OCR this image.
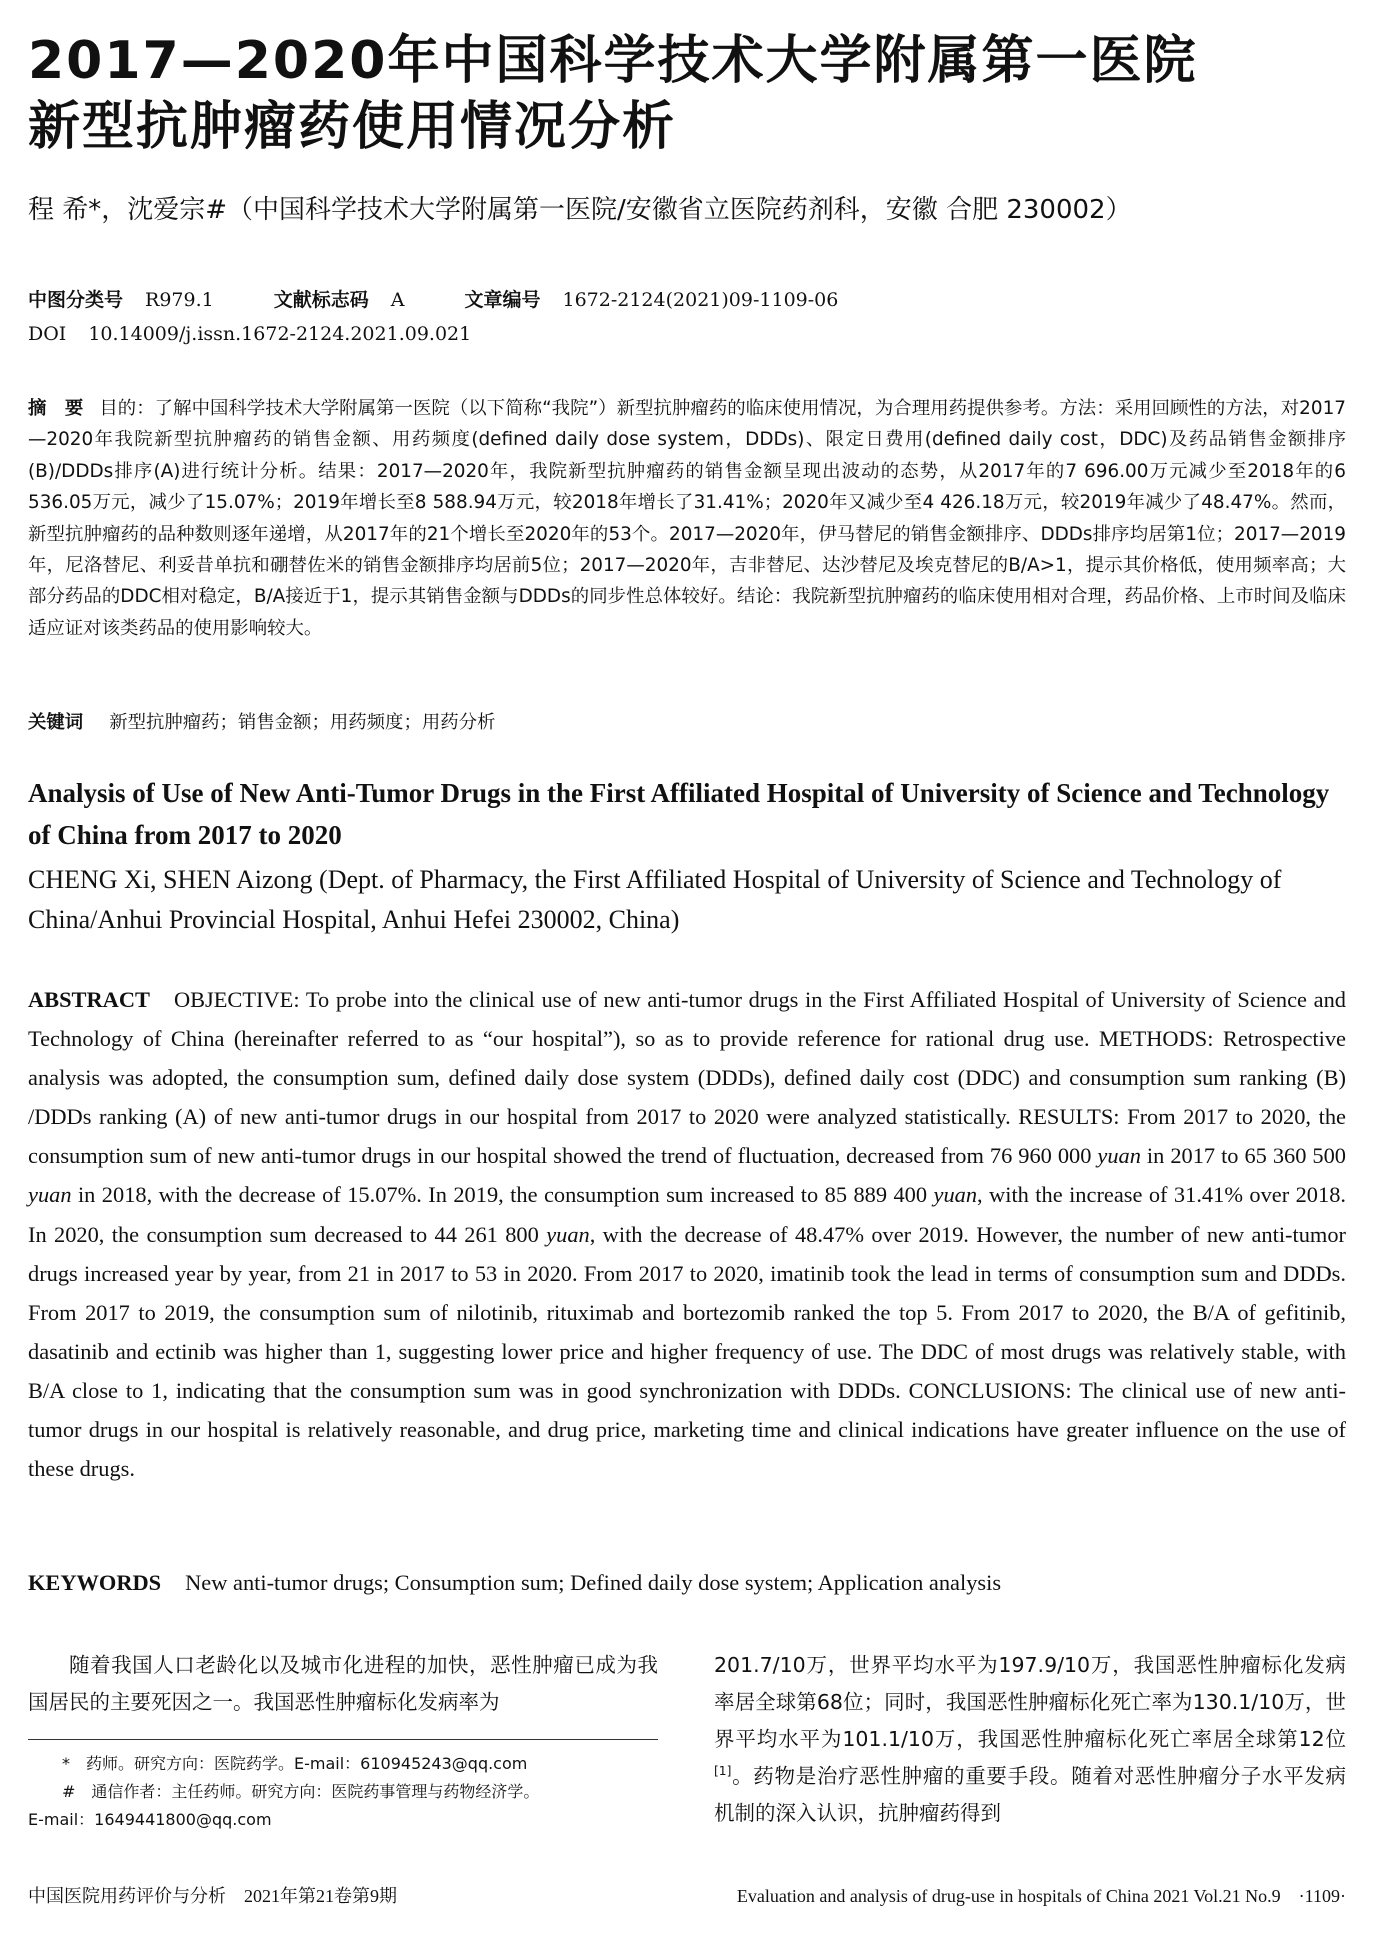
2017—2020年中国科学技术大学附属第一医院
新型抗肿瘤药使用情况分析
程 希*，沈爱宗#（中国科学技术大学附属第一医院/安徽省立医院药剂科，安徽 合肥 230002）
中图分类号 R979.1	文献标志码 A	文章编号 1672-2124(2021)09-1109-06
DOI 10.14009/j.issn.1672-2124.2021.09.021
摘　要 目的：了解中国科学技术大学附属第一医院（以下简称“我院”）新型抗肿瘤药的临床使用情况，为合理用药提供参考。方法：采用回顾性的方法，对2017—2020年我院新型抗肿瘤药的销售金额、用药频度(defined daily dose system，DDDs)、限定日费用(defined daily cost，DDC)及药品销售金额排序(B)/DDDs排序(A)进行统计分析。结果：2017—2020年，我院新型抗肿瘤药的销售金额呈现出波动的态势，从2017年的7 696.00万元减少至2018年的6 536.05万元，减少了15.07%；2019年增长至8 588.94万元，较2018年增长了31.41%；2020年又减少至4 426.18万元，较2019年减少了48.47%。然而，新型抗肿瘤药的品种数则逐年递增，从2017年的21个增长至2020年的53个。2017—2020年，伊马替尼的销售金额排序、DDDs排序均居第1位；2017—2019年，尼洛替尼、利妥昔单抗和硼替佐米的销售金额排序均居前5位；2017—2020年，吉非替尼、达沙替尼及埃克替尼的B/A>1，提示其价格低，使用频率高；大部分药品的DDC相对稳定，B/A接近于1，提示其销售金额与DDDs的同步性总体较好。结论：我院新型抗肿瘤药的临床使用相对合理，药品价格、上市时间及临床适应证对该类药品的使用影响较大。
关键词 新型抗肿瘤药；销售金额；用药频度；用药分析
Analysis of Use of New Anti-Tumor Drugs in the First Affiliated Hospital of University of Science and Technology of China from 2017 to 2020
CHENG Xi, SHEN Aizong (Dept. of Pharmacy, the First Affiliated Hospital of University of Science and Technology of China/Anhui Provincial Hospital, Anhui Hefei 230002, China)
ABSTRACT OBJECTIVE: To probe into the clinical use of new anti-tumor drugs in the First Affiliated Hospital of University of Science and Technology of China (hereinafter referred to as “our hospital”), so as to provide reference for rational drug use. METHODS: Retrospective analysis was adopted, the consumption sum, defined daily dose system (DDDs), defined daily cost (DDC) and consumption sum ranking (B) /DDDs ranking (A) of new anti-tumor drugs in our hospital from 2017 to 2020 were analyzed statistically. RESULTS: From 2017 to 2020, the consumption sum of new anti-tumor drugs in our hospital showed the trend of fluctuation, decreased from 76 960 000 yuan in 2017 to 65 360 500 yuan in 2018, with the decrease of 15.07%. In 2019, the consumption sum increased to 85 889 400 yuan, with the increase of 31.41% over 2018. In 2020, the consumption sum decreased to 44 261 800 yuan, with the decrease of 48.47% over 2019. However, the number of new anti-tumor drugs increased year by year, from 21 in 2017 to 53 in 2020. From 2017 to 2020, imatinib took the lead in terms of consumption sum and DDDs. From 2017 to 2019, the consumption sum of nilotinib, rituximab and bortezomib ranked the top 5. From 2017 to 2020, the B/A of gefitinib, dasatinib and ectinib was higher than 1, suggesting lower price and higher frequency of use. The DDC of most drugs was relatively stable, with B/A close to 1, indicating that the consumption sum was in good synchronization with DDDs. CONCLUSIONS: The clinical use of new anti-tumor drugs in our hospital is relatively reasonable, and drug price, marketing time and clinical indications have greater influence on the use of these drugs.
KEYWORDS New anti-tumor drugs; Consumption sum; Defined daily dose system; Application analysis
随着我国人口老龄化以及城市化进程的加快，恶性肿瘤已成为我国居民的主要死因之一。我国恶性肿瘤标化发病率为
*　药师。研究方向：医院药学。E-mail：610945243@qq.com
#　通信作者：主任药师。研究方向：医院药事管理与药物经济学。
E-mail：1649441800@qq.com
201.7/10万，世界平均水平为197.9/10万，我国恶性肿瘤标化发病率居全球第68位；同时，我国恶性肿瘤标化死亡率为130.1/10万，世界平均水平为101.1/10万，我国恶性肿瘤标化死亡率居全球第12位[1]。药物是治疗恶性肿瘤的重要手段。随着对恶性肿瘤分子水平发病机制的深入认识，抗肿瘤药得到
中国医院用药评价与分析　2021年第21卷第9期	Evaluation and analysis of drug-use in hospitals of China 2021 Vol.21 No.9　·1109·
